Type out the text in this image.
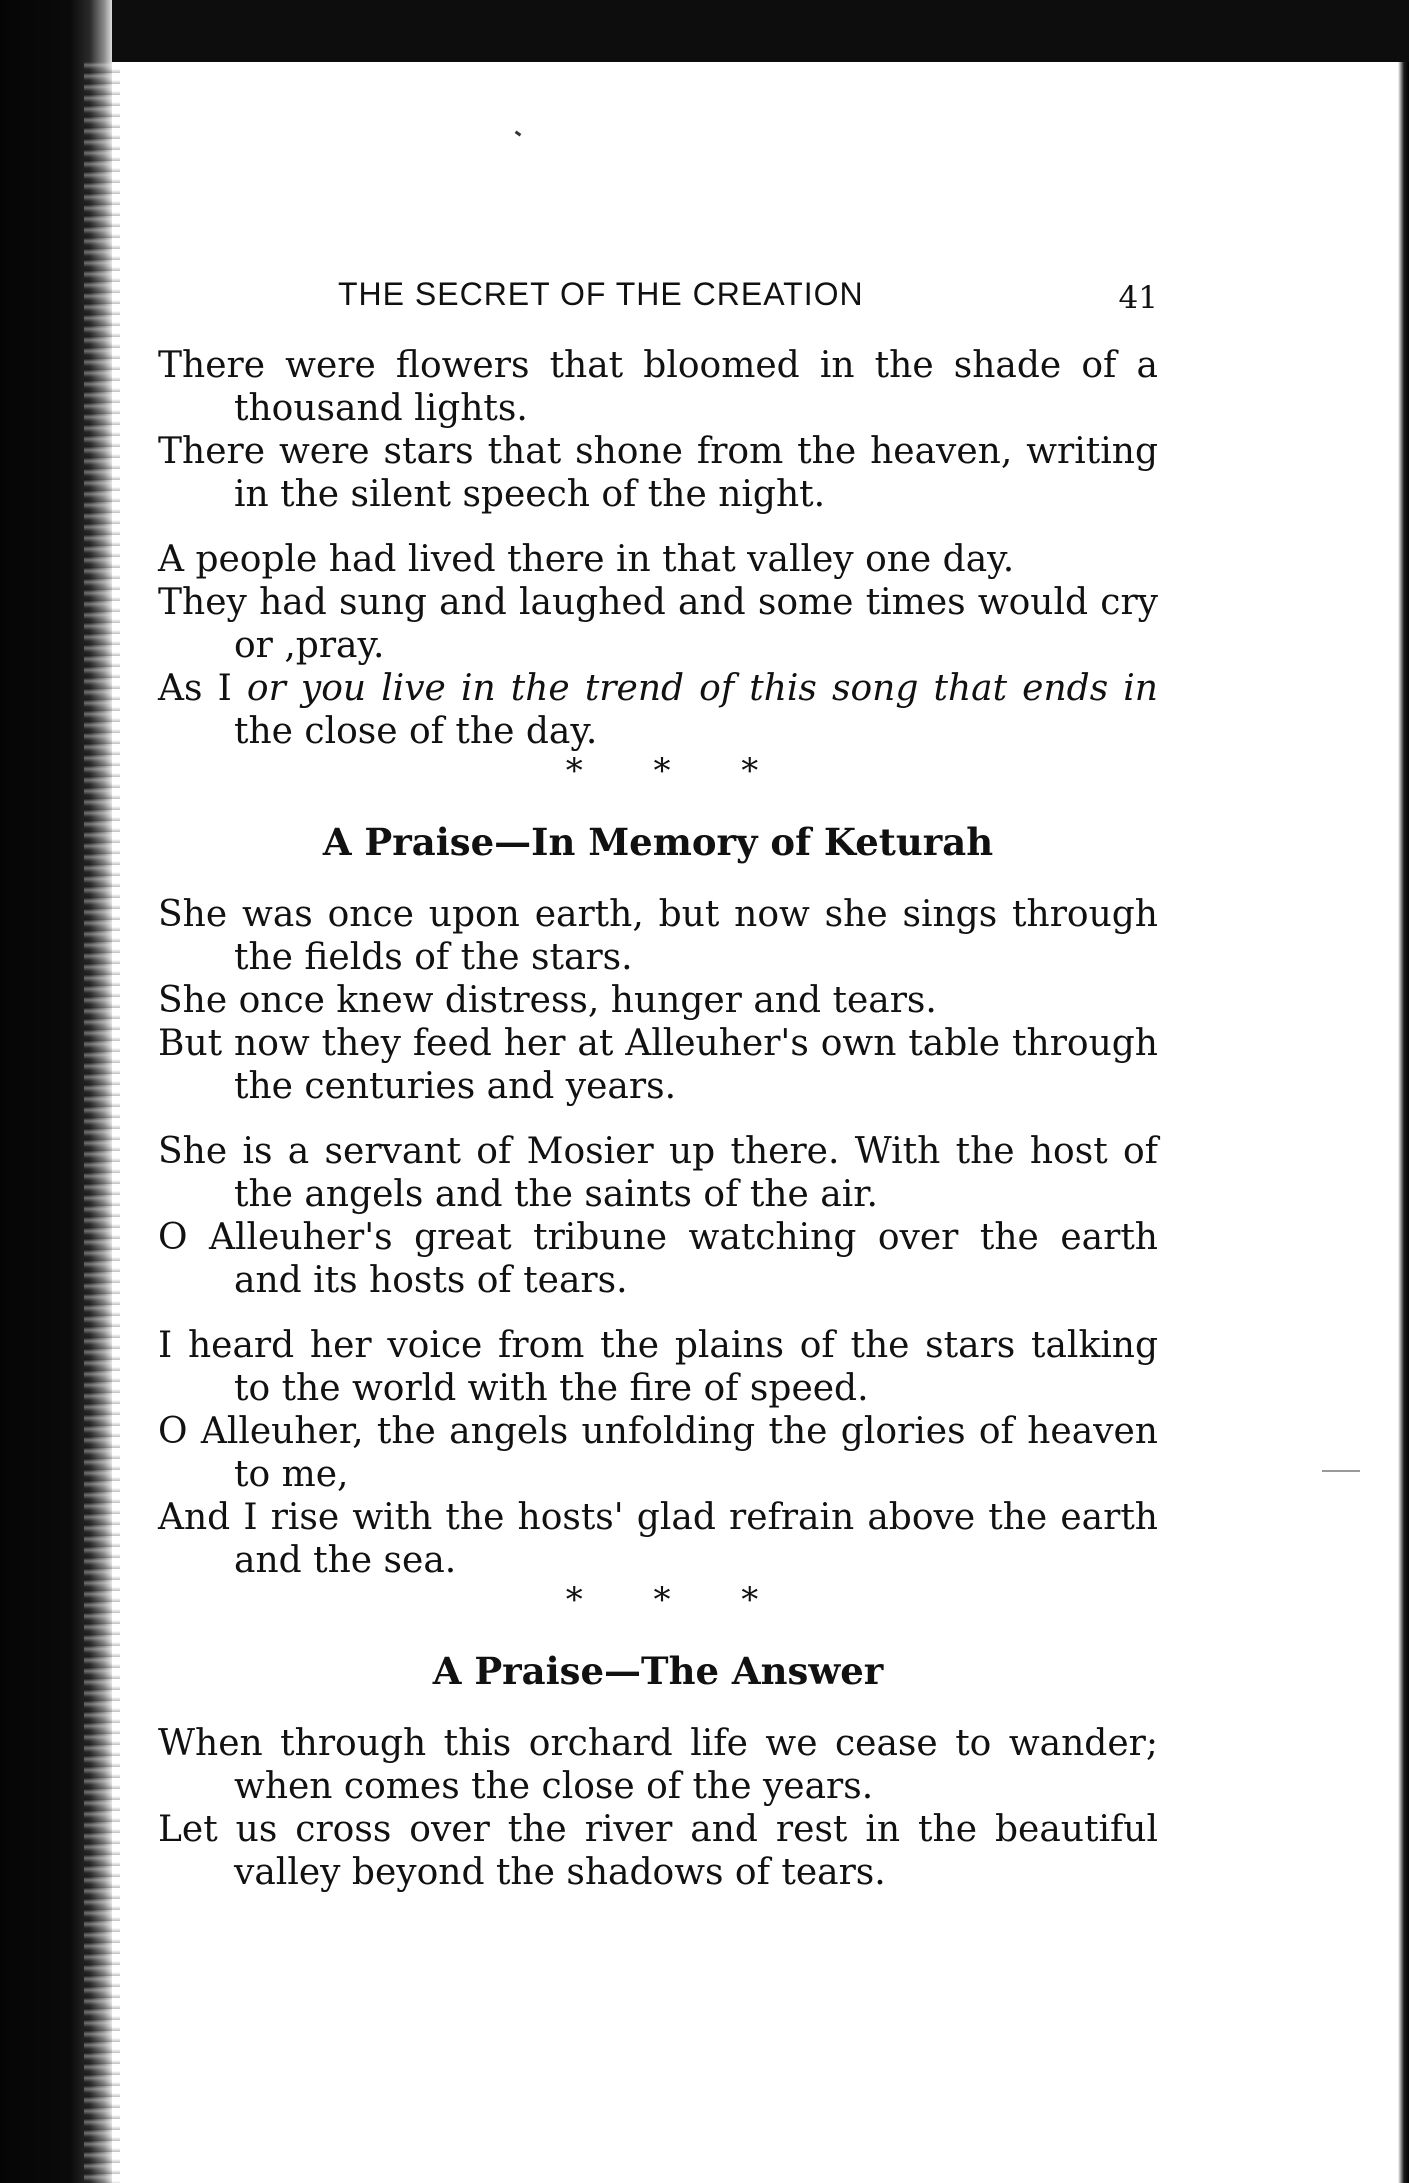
THE SECRET OF THE CREATION	41

There were flowers that bloomed in the shade of a thousand lights.

There were stars that shone from the heaven, writing in the silent speech of the night.

A people had lived there in that valley one day.

They had sung and laughed and some times would cry or ,pray.

As I or you live in the trend of this song that ends in the close of the day.

* * *
A Praise—In Memory of Keturah

She was once upon earth, but now she sings through the fields of the stars.

She once knew distress, hunger and tears.

But now they feed her at Alleuher's own table through the centuries and years.

She is a servant of Mosier up there. With the host of the angels and the saints of the air.

O Alleuher's great tribune watching over the earth and its hosts of tears.

I heard her voice from the plains of the stars talking to the world with the fire of speed.

O Alleuher, the angels unfolding the glories of heaven to me,

And I rise with the hosts' glad refrain above the earth and the sea.

* * *
A Praise—The Answer

When through this orchard life we cease to wander; when comes the close of the years.

Let us cross over the river and rest in the beautiful valley beyond the shadows of tears.
